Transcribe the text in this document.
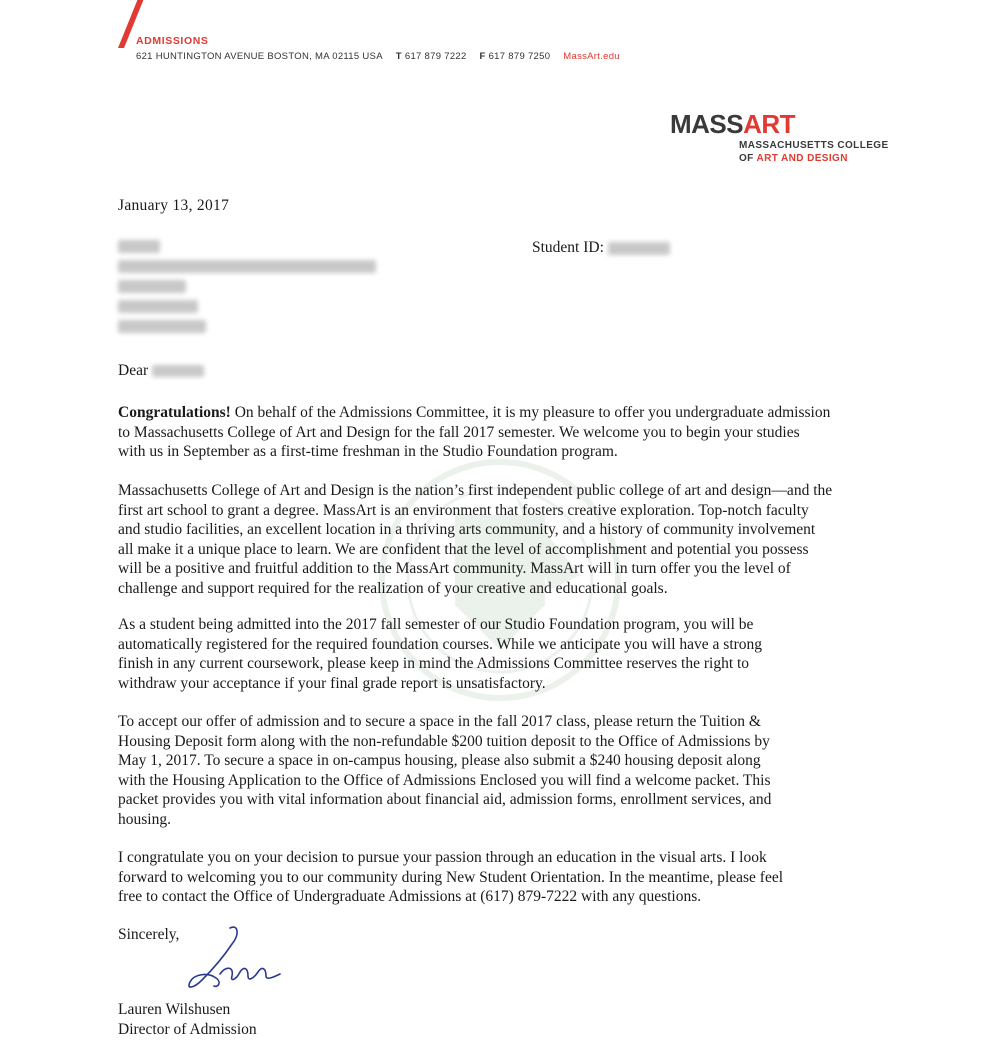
ADMISSIONS
621 HUNTINGTON AVENUE BOSTON, MA 02115 USA T 617 879 7222 F 617 879 7250 MassArt.edu
MASSART
MASSACHUSETTS COLLEGE
OF ART AND DESIGN
January 13, 2017
Student ID:
Dear
Congratulations! On behalf of the Admissions Committee, it is my pleasure to offer you undergraduate admission
to Massachusetts College of Art and Design for the fall 2017 semester. We welcome you to begin your studies
with us in September as a first-time freshman in the Studio Foundation program.
Massachusetts College of Art and Design is the nation’s first independent public college of art and design—and the
first art school to grant a degree. MassArt is an environment that fosters creative exploration. Top-notch faculty
and studio facilities, an excellent location in a thriving arts community, and a history of community involvement
all make it a unique place to learn. We are confident that the level of accomplishment and potential you possess
will be a positive and fruitful addition to the MassArt community. MassArt will in turn offer you the level of
challenge and support required for the realization of your creative and educational goals.
As a student being admitted into the 2017 fall semester of our Studio Foundation program, you will be
automatically registered for the required foundation courses. While we anticipate you will have a strong
finish in any current coursework, please keep in mind the Admissions Committee reserves the right to
withdraw your acceptance if your final grade report is unsatisfactory.
To accept our offer of admission and to secure a space in the fall 2017 class, please return the Tuition &
Housing Deposit form along with the non-refundable $200 tuition deposit to the Office of Admissions by
May 1, 2017. To secure a space in on-campus housing, please also submit a $240 housing deposit along
with the Housing Application to the Office of Admissions Enclosed you will find a welcome packet. This
packet provides you with vital information about financial aid, admission forms, enrollment services, and
housing.
I congratulate you on your decision to pursue your passion through an education in the visual arts. I look
forward to welcoming you to our community during New Student Orientation. In the meantime, please feel
free to contact the Office of Undergraduate Admissions at (617) 879-7222 with any questions.
Sincerely,
Lauren Wilshusen
Director of Admission
